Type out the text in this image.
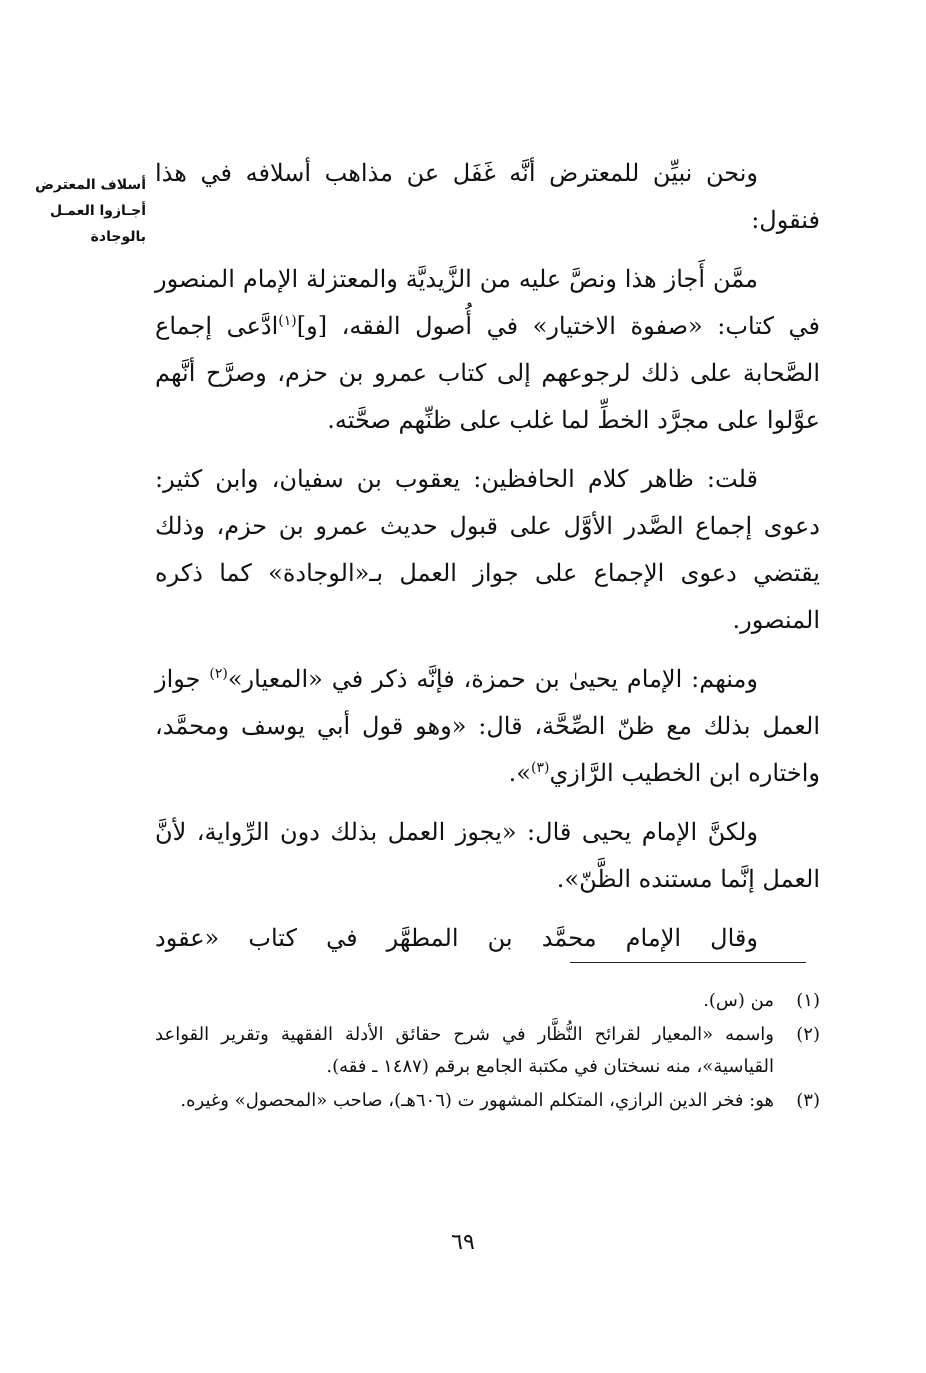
أسلاف المعترض
أجـازوا العمـل
بالوجادة

ونحن نبيِّن للمعترض أنَّه غَفَل عن مذاهب أسلافه في هذا فنقول:

ممَّن أَجاز هذا ونصَّ عليه من الزَّيديَّة والمعتزلة الإمام المنصور في كتاب: «صفوة الاختيار» في أُصول الفقه، [و]$^{(١)}$ادَّعى إجماع الصَّحابة على ذلك لرجوعهم إلى كتاب عمرو بن حزم، وصرَّح أنَّهم عوَّلوا على مجرَّد الخطِّ لما غلب على ظنِّهم صحَّته.

قلت: ظاهر كلام الحافظين: يعقوب بن سفيان، وابن كثير: دعوى إجماع الصَّدر الأوَّل على قبول حديث عمرو بن حزم، وذلك يقتضي دعوى الإجماع على جواز العمل بـ«الوجادة» كما ذكره المنصور.

ومنهم: الإمام يحيىٰ بن حمزة، فإنَّه ذكر في «المعيار»$^{(٢)}$ جواز العمل بذلك مع ظنّ الصِّحَّة، قال: «وهو قول أبي يوسف ومحمَّد، واختاره ابن الخطيب الرَّازي$^{(٣)}$».

ولكنَّ الإمام يحيى قال: «يجوز العمل بذلك دون الرِّواية، لأنَّ العمل إنَّما مستنده الظَّنّ».

وقال الإمام محمَّد بن المطهَّر في كتاب «عقود

(١)
من (س).
(٢)
واسمه «المعيار لقرائح النُّظَّار في شرح حقائق الأدلة الفقهية وتقرير القواعد القياسية»، منه نسختان في مكتبة الجامع برقم (١٤٨٧ ـ فقه).
(٣)
هو: فخر الدين الرازي، المتكلم المشهور ت (٦٠٦هـ)، صاحب «المحصول» وغيره.
٦٩
